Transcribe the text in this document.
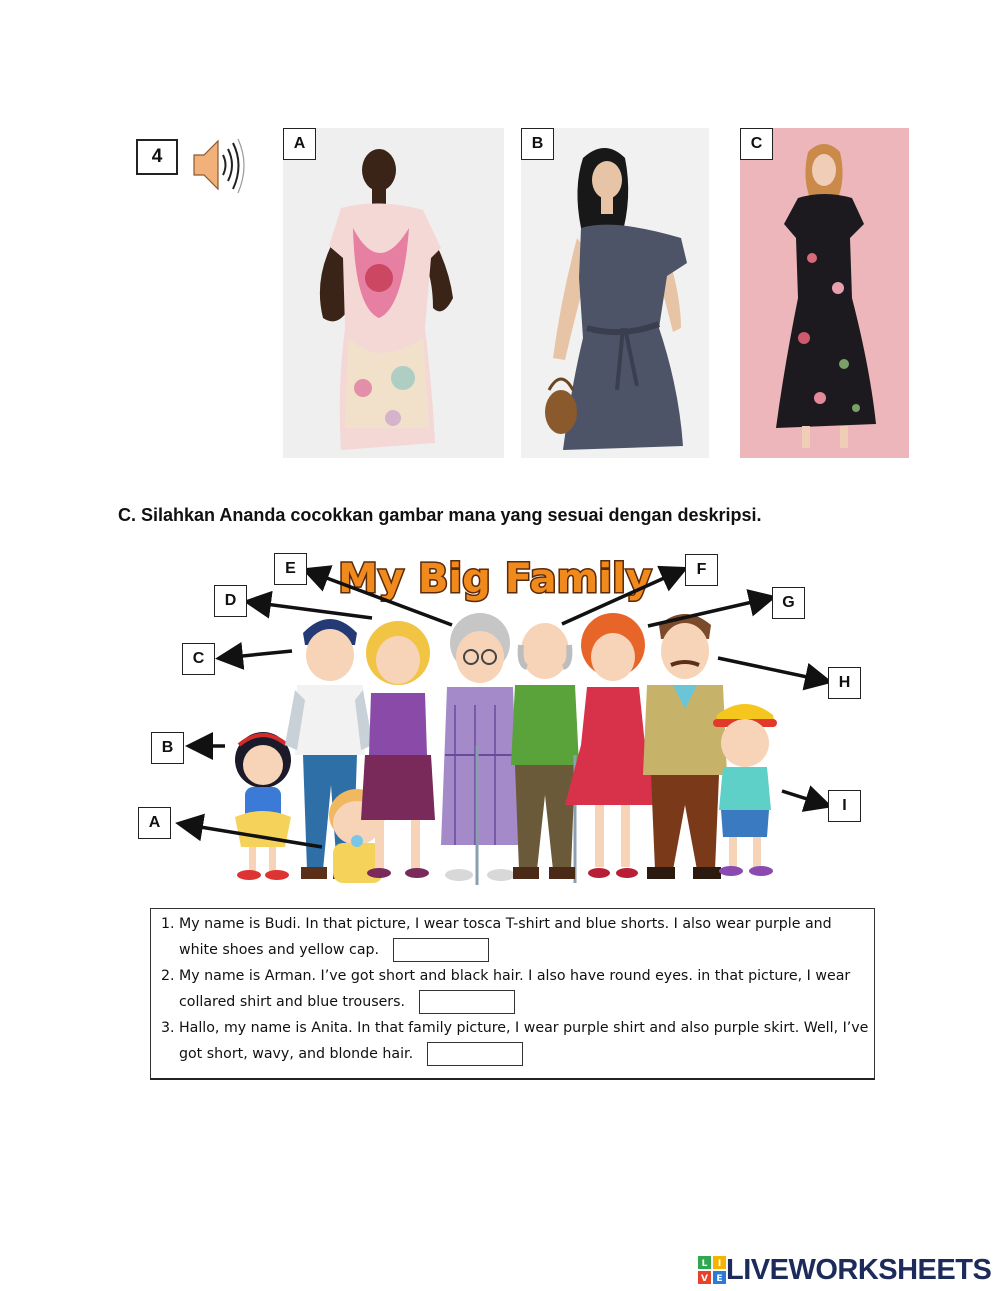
4
A	B	C
C. Silahkan Ananda cocokkan gambar mana yang sesuai dengan deskripsi.
My Big Family
E
D
C
B
A
F
G
H
I
1. My name is Budi. In that picture, I wear tosca T-shirt and blue shorts. I also wear purple and white shoes and yellow cap.
2. My name is Arman. I’ve got short and black hair. I also have round eyes. in that picture, I wear collared shirt and blue trousers.
3. Hallo, my name is Anita. In that family picture, I wear purple shirt and also purple skirt. Well, I’ve got short, wavy, and blonde hair.
L I
V E LIVEWORKSHEETS
